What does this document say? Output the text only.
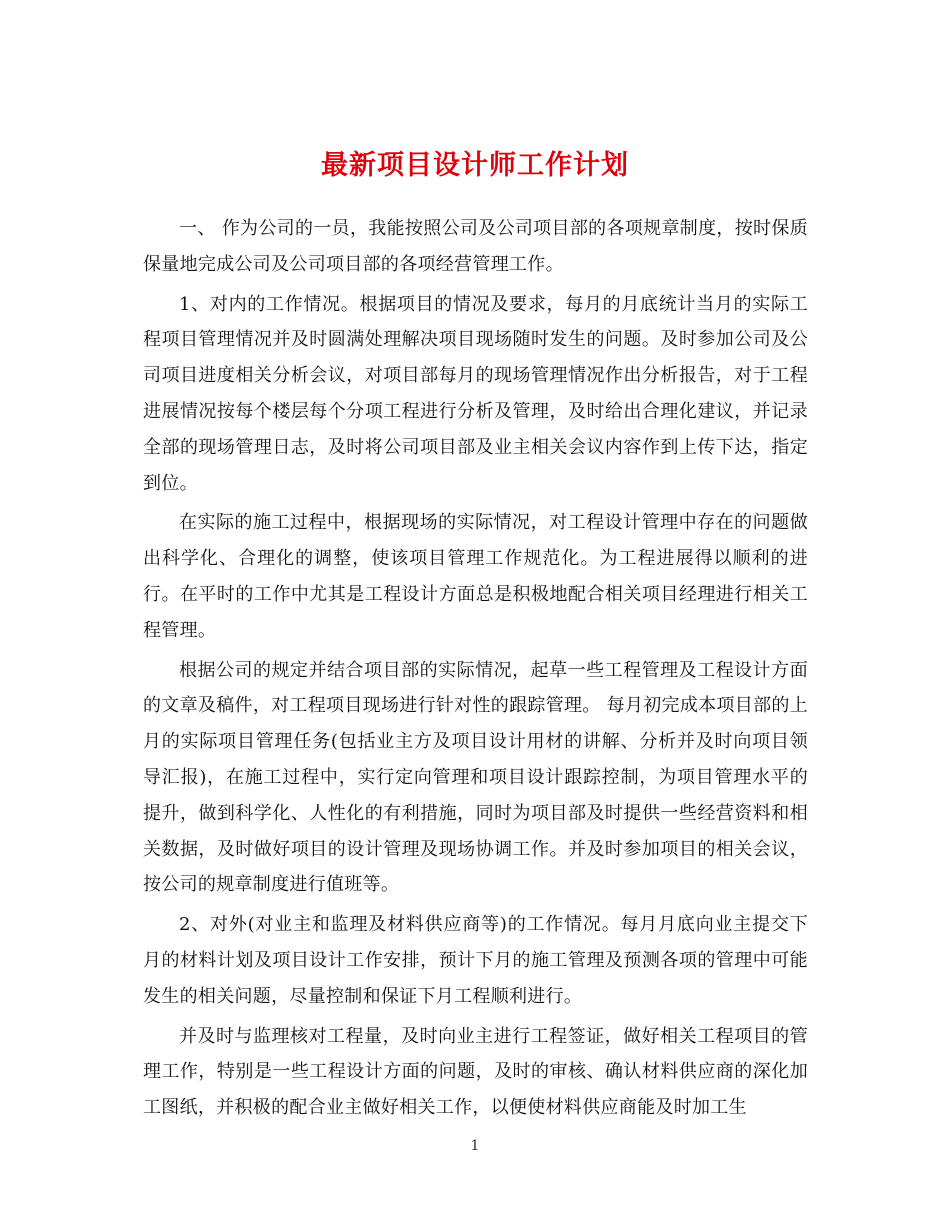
最新项目设计师工作计划

一、 作为公司的一员，我能按照公司及公司项目部的各项规章制度，按时保质保量地完成公司及公司项目部的各项经营管理工作。

1、对内的工作情况。根据项目的情况及要求，每月的月底统计当月的实际工程项目管理情况并及时圆满处理解决项目现场随时发生的问题。及时参加公司及公司项目进度相关分析会议，对项目部每月的现场管理情况作出分析报告，对于工程进展情况按每个楼层每个分项工程进行分析及管理，及时给出合理化建议，并记录全部的现场管理日志，及时将公司项目部及业主相关会议内容作到上传下达，指定到位。

在实际的施工过程中，根据现场的实际情况，对工程设计管理中存在的问题做出科学化、合理化的调整，使该项目管理工作规范化。为工程进展得以顺利的进行。在平时的工作中尤其是工程设计方面总是积极地配合相关项目经理进行相关工程管理。

根据公司的规定并结合项目部的实际情况，起草一些工程管理及工程设计方面的文章及稿件，对工程项目现场进行针对性的跟踪管理。 每月初完成本项目部的上月的实际项目管理任务(包括业主方及项目设计用材的讲解、分析并及时向项目领导汇报)，在施工过程中，实行定向管理和项目设计跟踪控制，为项目管理水平的提升，做到科学化、人性化的有利措施，同时为项目部及时提供一些经营资料和相关数据，及时做好项目的设计管理及现场协调工作。并及时参加项目的相关会议，按公司的规章制度进行值班等。

2、对外(对业主和监理及材料供应商等)的工作情况。每月月底向业主提交下月的材料计划及项目设计工作安排，预计下月的施工管理及预测各项的管理中可能发生的相关问题，尽量控制和保证下月工程顺利进行。

并及时与监理核对工程量，及时向业主进行工程签证，做好相关工程项目的管理工作，特别是一些工程设计方面的问题，及时的审核、确认材料供应商的深化加工图纸，并积极的配合业主做好相关工作，以便使材料供应商能及时加工生

1
